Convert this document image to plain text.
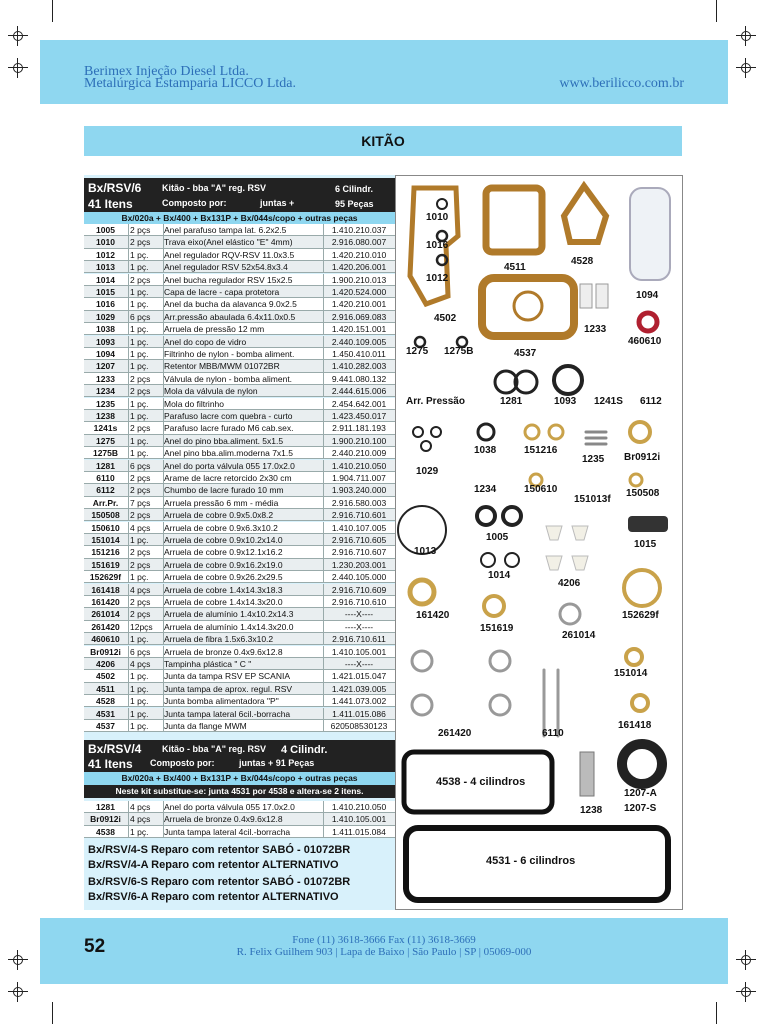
Berimex Injeção Diesel Ltda.
Metalúrgica Estamparia LICCO Ltda.	www.berilicco.com.br
KITÃO
Bx/RSV/6 Kitão - bba "A" reg. RSV	6 Cilindr.
41 Itens	Composto por:	juntas +	95 Peças
Bx/020a + Bx/400 + Bx131P + Bx/044s/copo + outras peças
1005	2 pçs	Anel parafuso tampa lat. 6.2x2.5	1.410.210.037
1010	2 pçs	Trava eixo(Anel elástico "E" 4mm)	2.916.080.007
1012	1 pç.	Anel regulador RQV-RSV 11.0x3.5	1.420.210.010
1013	1 pç.	Anel regulador RSV 52x54.8x3.4	1.420.206.001
1014	2 pçs	Anel bucha regulador RSV 15x2.5	1.900.210.013
1015	1 pç.	Capa de lacre - capa protetora	1.420.524.000
1016	1 pç.	Anel da bucha da alavanca 9.0x2.5	1.420.210.001
1029	6 pçs	Arr.pressão abaulada 6.4x11.0x0.5	2.916.069.083
1038	1 pç.	Arruela de pressão 12 mm	1.420.151.001
1093	1 pç.	Anel do copo de vidro	2.440.109.005
1094	1 pç.	Filtrinho de nylon - bomba aliment.	1.450.410.011
1207	1 pç.	Retentor MBB/MWM 01072BR	1.410.282.003
1233	2 pçs	Válvula de nylon - bomba aliment.	9.441.080.132
1234	2 pçs	Mola da válvula de nylon	2.444.615.006
1235	1 pç.	Mola do filtrinho	2.454.642.001
1238	1 pç.	Parafuso lacre com quebra - curto	1.423.450.017
1241s	2 pçs	Parafuso lacre furado M6 cab.sex.	2.911.181.193
1275	1 pç.	Anel do pino bba.aliment. 5x1.5	1.900.210.100
1275B	1 pç.	Anel pino bba.alim.moderna 7x1.5	2.440.210.009
1281	6 pçs	Anel do porta válvula 055 17.0x2.0	1.410.210.050
6110	2 pçs	Arame de lacre retorcido 2x30 cm	1.904.711.007
6112	2 pçs	Chumbo de lacre furado 10 mm	1.903.240.000
Arr.Pr.	7 pçs	Arruela pressão 6 mm - média	2.916.580.003
150508	2 pçs	Arruela de cobre 0.9x5.0x8.2	2.916.710.601
150610	4 pçs	Arruela de cobre 0.9x6.3x10.2	1.410.107.005
151014	1 pç.	Arruela de cobre 0.9x10.2x14.0	2.916.710.605
151216	2 pçs	Arruela de cobre 0.9x12.1x16.2	2.916.710.607
151619	2 pçs	Arruela de cobre 0.9x16.2x19.0	1.230.203.001
152629f	1 pç.	Arruela de cobre 0.9x26.2x29.5	2.440.105.000
161418	4 pçs	Arruela de cobre 1.4x14.3x18.3	2.916.710.609
161420	2 pçs	Arruela de cobre 1.4x14.3x20.0	2.916.710.610
261014	2 pçs	Arruela de alumínio 1.4x10.2x14.3	----X----
261420	12pçs	Arruela de alumínio 1.4x14.3x20.0	----X----
460610	1 pç.	Arruela de fibra 1.5x6.3x10.2	2.916.710.611
Br0912i	6 pçs	Arruela de bronze 0.4x9.6x12.8	1.410.105.001
4206	4 pçs	Tampinha plástica " C "	----X----
4502	1 pç.	Junta da tampa RSV EP SCANIA	1.421.015.047
4511	1 pç.	Junta tampa de aprox. regul. RSV	1.421.039.005
4528	1 pç.	Junta bomba alimentadora "P"	1.441.073.002
4531	1 pç.	Junta tampa lateral 6cil.-borracha	1.411.015.086
4537	1 pç.	Junta da flange MWM	620508530123
Bx/RSV/4 Kitão - bba "A" reg. RSV 4 Cilindr.
41 Itens Composto por:	juntas + 91 Peças
Bx/020a + Bx/400 + Bx131P + Bx/044s/copo + outras peças
Neste kit substitue-se: junta 4531 por 4538 e altera-se 2 itens.
1281	4 pçs	Anel do porta válvula 055 17.0x2.0	1.410.210.050
Br0912i	4 pçs	Arruela de bronze 0.4x9.6x12.8	1.410.105.001
4538	1 pç.	Junta tampa lateral 4cil.-borracha	1.411.015.084
Bx/RSV/4-S Reparo com retentor SABÓ - 01072BR
Bx/RSV/4-A Reparo com retentor ALTERNATIVO
Bx/RSV/6-S Reparo com retentor SABÓ - 01072BR
Bx/RSV/6-A Reparo com retentor ALTERNATIVO
1010
1016
1012
4511
4528
1094
4502
1233
460610
1275 1275B	4537
Arr. Pressão	1281	1093 1241S 6112
1038	151216
1235 Br0912i
1029
1234	150610
151013f
150508
1005
1013
1015
1014
4206
161420
151619
261014
152629f
151014
161418
261420	6110
4538 - 4 cilindros
1238
1207-A
1207-S
4531 - 6 cilindros
52	Fone (11) 3618-3666 Fax (11) 3618-3669
R. Felix Guilhem 903 | Lapa de Baixo | São Paulo | SP | 05069-000
